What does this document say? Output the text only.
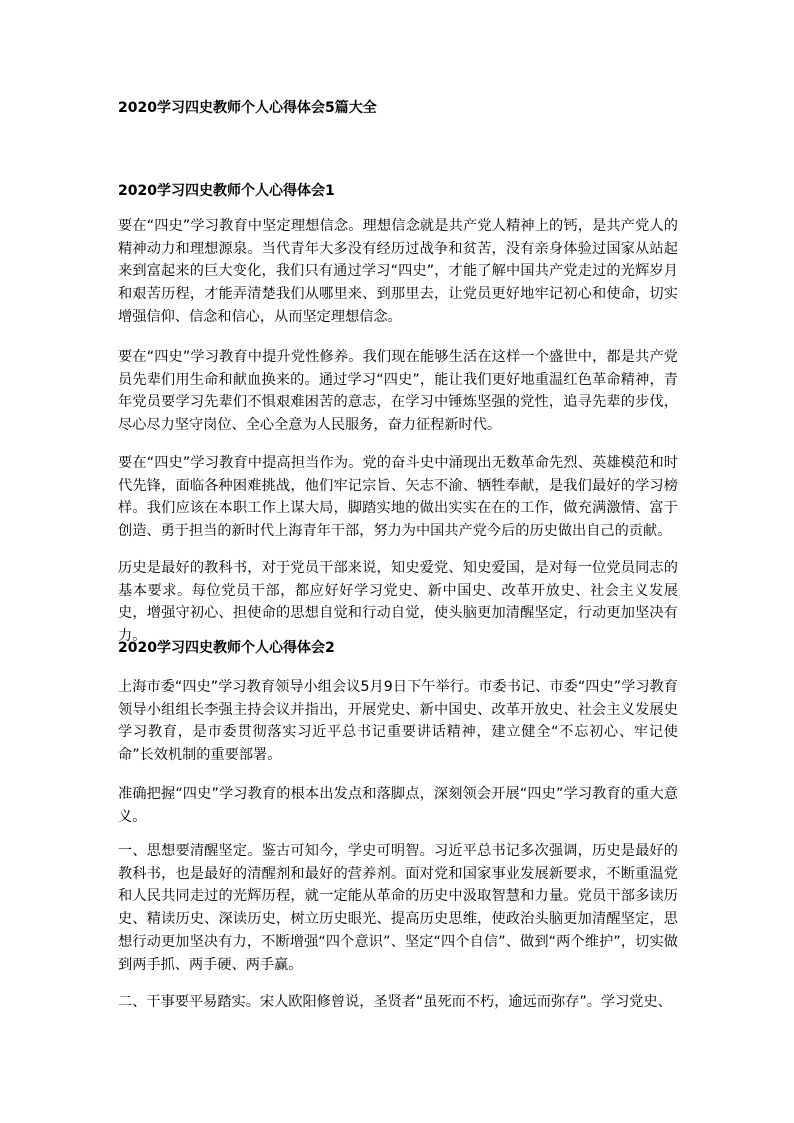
2020学习四史教师个人心得体会5篇大全
2020学习四史教师个人心得体会1

要在“四史”学习教育中坚定理想信念。理想信念就是共产党人精神上的钙，是共产党人的精神动力和理想源泉。当代青年大多没有经历过战争和贫苦，没有亲身体验过国家从站起来到富起来的巨大变化，我们只有通过学习“四史”，才能了解中国共产党走过的光辉岁月和艰苦历程，才能弄清楚我们从哪里来、到那里去，让党员更好地牢记初心和使命，切实增强信仰、信念和信心，从而坚定理想信念。

要在“四史”学习教育中提升党性修养。我们现在能够生活在这样一个盛世中，都是共产党员先辈们用生命和献血换来的。通过学习“四史”，能让我们更好地重温红色革命精神，青年党员要学习先辈们不惧艰难困苦的意志，在学习中锤炼坚强的党性，追寻先辈的步伐，尽心尽力坚守岗位、全心全意为人民服务，奋力征程新时代。

要在“四史”学习教育中提高担当作为。党的奋斗史中涌现出无数革命先烈、英雄模范和时代先锋，面临各种困难挑战，他们牢记宗旨、矢志不渝、牺牲奉献，是我们最好的学习榜样。我们应该在本职工作上谋大局，脚踏实地的做出实实在在的工作，做充满激情、富于创造、勇于担当的新时代上海青年干部，努力为中国共产党今后的历史做出自己的贡献。

历史是最好的教科书，对于党员干部来说，知史爱党、知史爱国，是对每一位党员同志的基本要求。每位党员干部，都应好好学习党史、新中国史、改革开放史、社会主义发展史，增强守初心、担使命的思想自觉和行动自觉，使头脑更加清醒坚定，行动更加坚决有力。

2020学习四史教师个人心得体会2

上海市委“四史”学习教育领导小组会议5月9日下午举行。市委书记、市委“四史”学习教育领导小组组长李强主持会议并指出，开展党史、新中国史、改革开放史、社会主义发展史学习教育，是市委贯彻落实习近平总书记重要讲话精神，建立健全“不忘初心、牢记使命”长效机制的重要部署。

准确把握“四史”学习教育的根本出发点和落脚点，深刻领会开展“四史”学习教育的重大意义。

一、思想要清醒坚定。鉴古可知今，学史可明智。习近平总书记多次强调，历史是最好的教科书，也是最好的清醒剂和最好的营养剂。面对党和国家事业发展新要求，不断重温党和人民共同走过的光辉历程，就一定能从革命的历史中汲取智慧和力量。党员干部多读历史、精读历史、深读历史，树立历史眼光、提高历史思维，使政治头脑更加清醒坚定，思想行动更加坚决有力，不断增强“四个意识”、坚定“四个自信”、做到“两个维护”，切实做到两手抓、两手硬、两手赢。

二、干事要平易踏实。宋人欧阳修曾说，圣贤者“虽死而不朽，逾远而弥存”。学习党史、
